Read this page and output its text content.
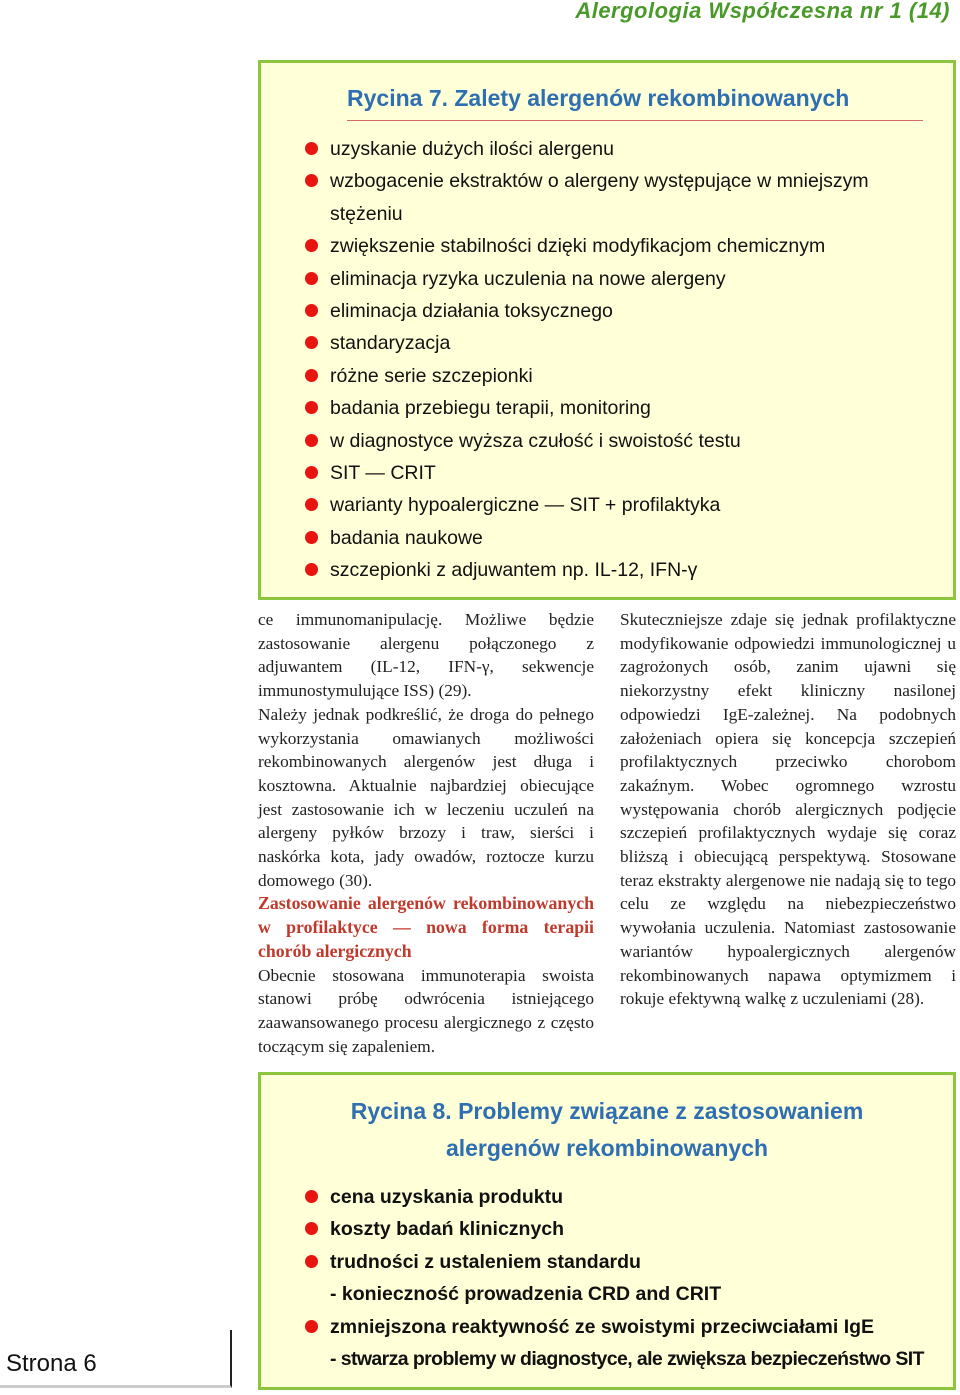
Alergologia Współczesna nr 1 (14)

Rycina 7. Zalety alergenów rekombinowanych
uzyskanie dużych ilości alergenu
wzbogacenie ekstraktów o alergeny występujące w mniejszym stężeniu
zwiększenie stabilności dzięki modyfikacjom chemicznym
eliminacja ryzyka uczulenia na nowe alergeny
eliminacja działania toksycznego
standaryzacja
różne serie szczepionki
badania przebiegu terapii, monitoring
w diagnostyce wyższa czułość i swoistość testu
SIT — CRIT
warianty hypoalergiczne — SIT + profilaktyka
badania naukowe
szczepionki z adjuwantem np. IL-12, IFN-γ

ce immunomanipulację. Możliwe będzie zastosowanie alergenu połączonego z adjuwantem (IL-12, IFN-γ, sekwencje immunostymulujące ISS) (29).

Należy jednak podkreślić, że droga do pełnego wykorzystania omawianych możliwości rekombinowanych alergenów jest długa i kosztowna. Aktualnie najbardziej obiecujące jest zastosowanie ich w leczeniu uczuleń na alergeny pyłków brzozy i traw, sierści i naskórka kota, jady owadów, roztocze kurzu domowego (30).

Zastosowanie alergenów rekombinowanych w profilaktyce — nowa forma terapii chorób alergicznych

Obecnie stosowana immunoterapia swoista stanowi próbę odwrócenia istniejącego zaawansowanego procesu alergicznego z często toczącym się zapaleniem.

Skuteczniejsze zdaje się jednak profilaktyczne modyfikowanie odpowiedzi immunologicznej u zagrożonych osób, zanim ujawni się niekorzystny efekt kliniczny nasilonej odpowiedzi IgE-zależnej. Na podobnych założeniach opiera się koncepcja szczepień profilaktycznych przeciwko chorobom zakaźnym. Wobec ogromnego wzrostu występowania chorób alergicznych podjęcie szczepień profilaktycznych wydaje się coraz bliższą i obiecującą perspektywą. Stosowane teraz ekstrakty alergenowe nie nadają się to tego celu ze względu na niebezpieczeństwo wywołania uczulenia. Natomiast zastosowanie wariantów hypoalergicznych alergenów rekombinowanych napawa optymizmem i rokuje efektywną walkę z uczuleniami (28).

Rycina 8. Problemy związane z zastosowaniem
alergenów rekombinowanych
cena uzyskania produktu
koszty badań klinicznych
trudności z ustaleniem standardu
- konieczność prowadzenia CRD and CRIT
zmniejszona reaktywność ze swoistymi przeciwciałami IgE
- stwarza problemy w diagnostyce, ale zwiększa bezpieczeństwo SIT

Strona 6
